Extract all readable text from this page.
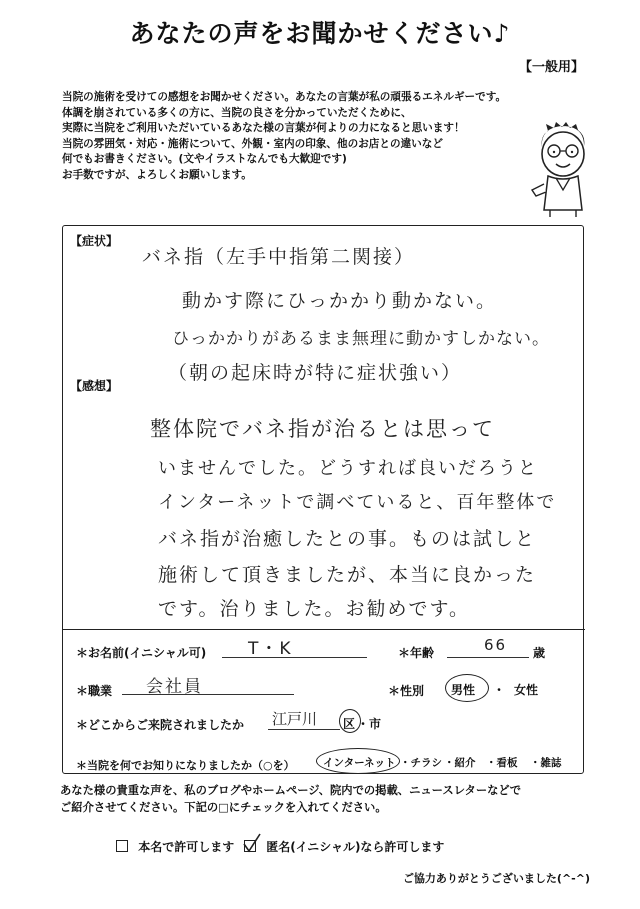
あなたの声をお聞かせください♪
【一般用】
当院の施術を受けての感想をお聞かせください。あなたの言葉が私の頑張るエネルギーです。
体調を崩されている多くの方に、当院の良さを分かっていただくために、
実際に当院をご利用いただいているあなた様の言葉が何よりの力になると思います！
当院の雰囲気・対応・施術について、外観・室内の印象、他のお店との違いなど
何でもお書きください。(文やイラストなんでも大歓迎です)
お手数ですが、よろしくお願いします。
【症状】
バネ指（左手中指第二関接）
動かす際にひっかかり動かない。
ひっかかりがあるまま無理に動かすしかない。
（朝の起床時が特に症状強い）
【感想】
整体院でバネ指が治るとは思って
いませんでした。どうすれば良いだろうと
インターネットで調べていると、百年整体で
バネ指が治癒したとの事。ものは試しと
施術して頂きましたが、本当に良かった
です。治りました。お勧めです。
＊お名前(イニシャル可) T・K	＊年齢	66 歳
＊職業 会社員	＊性別 男性 ・ 女性
＊どこからご来院されましたか 江戸川 区 ・市
＊当院を何でお知りになりましたか（○を）	インターネット ・チラシ ・紹介 ・看板 ・雑誌
あなた様の貴重な声を、私のブログやホームページ、院内での掲載、ニュースレターなどで
ご紹介させてください。下記の□にチェックを入れてください。
本名で許可します	匿名(イニシャル)なら許可します
ご協力ありがとうございました(^-^)
